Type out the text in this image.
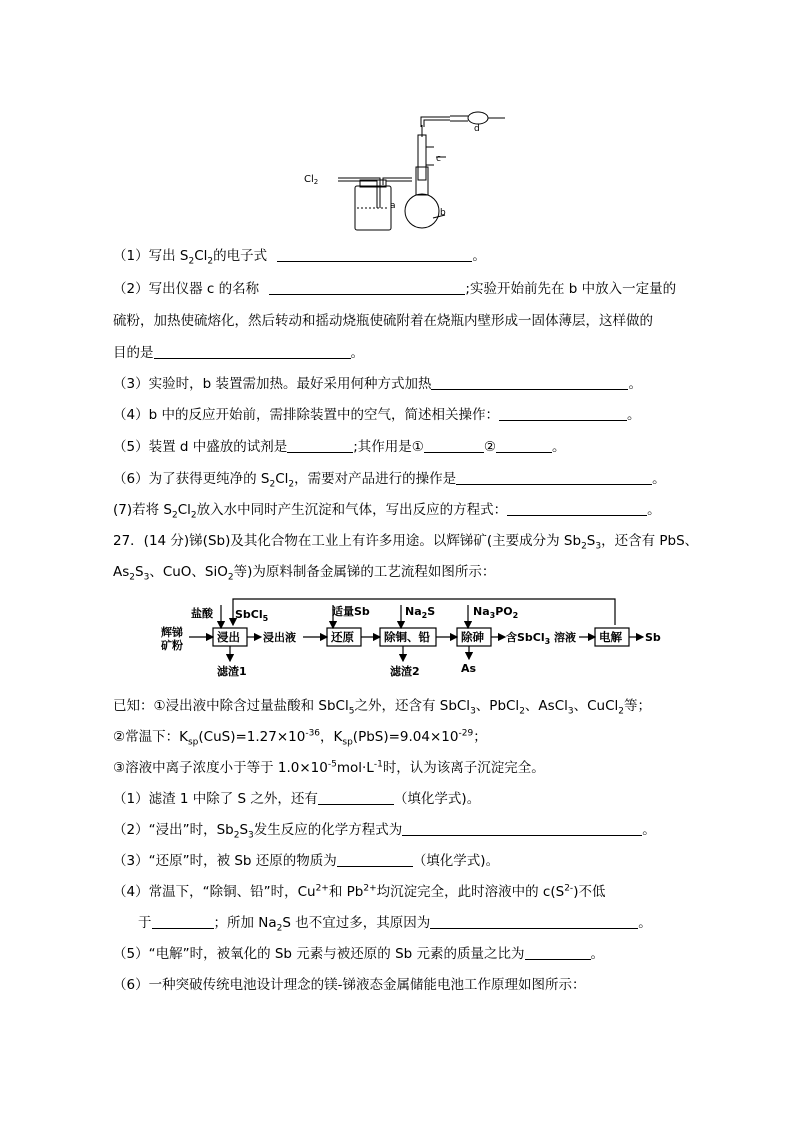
$Cl_2$
a
b
c
d
（1）写出 $S_2Cl_2$的电子式	。
（2）写出仪器 c 的名称	;实验开始前先在 b 中放入一定量的
硫粉，加热使硫熔化，然后转动和摇动烧瓶使硫附着在烧瓶内壁形成一固体薄层，这样做的
目的是	。
（3）实验时，b 装置需加热。最好采用何种方式加热	。
（4）b 中的反应开始前，需排除装置中的空气，简述相关操作：	。
（5）装置 d 中盛放的试剂是	;其作用是①	②	。
（6）为了获得更纯净的 $S_2Cl_2$，需要对产品进行的操作是	。
(7)若将 $S_2Cl_2$放入水中同时产生沉淀和气体，写出反应的方程式：	。
27．(14 分)锑(Sb)及其化合物在工业上有许多用途。以辉锑矿(主要成分为 $Sb_2S_3$，还含有 PbS、
$As_2S_3$、CuO、SiO$_2$等)为原料制备金属锑的工艺流程如图所示：
浸出	还原	除铜、铅	除砷	电解
辉锑
矿粉
盐酸 SbCl$_5$
适量Sb	$Na_2S$	$Na_3PO_2$
浸出液	含SbCl$_3$ 溶液	Sb
滤渣1	滤渣2	As
已知：①浸出液中除含过量盐酸和 SbCl$_5$之外，还含有 SbCl$_3$、PbCl$_2$、AsCl$_3$、CuCl$_2$等；
②常温下：$K_{sp}(CuS)=1.27\times 10^{-36}$，$K_{sp}(PbS)=9.04\times 10^{-29}$；
③溶液中离子浓度小于等于 $1.0\times 10^{-5}mol\cdot L^{-1}$时，认为该离子沉淀完全。
（1）滤渣 1 中除了 S 之外，还有	（填化学式)。
（2）“浸出”时，$Sb_2S_3$发生反应的化学方程式为	。
（3）“还原”时，被 Sb 还原的物质为	（填化学式)。
（4）常温下，“除铜、铅”时，$Cu^{2+}$和 $Pb^{2+}$均沉淀完全，此时溶液中的 $c(S^{2-})$不低
于	；所加 $Na_2S$ 也不宜过多，其原因为	。
（5）“电解”时，被氧化的 Sb 元素与被还原的 Sb 元素的质量之比为	。
（6）一种突破传统电池设计理念的镁-锑液态金属储能电池工作原理如图所示：
